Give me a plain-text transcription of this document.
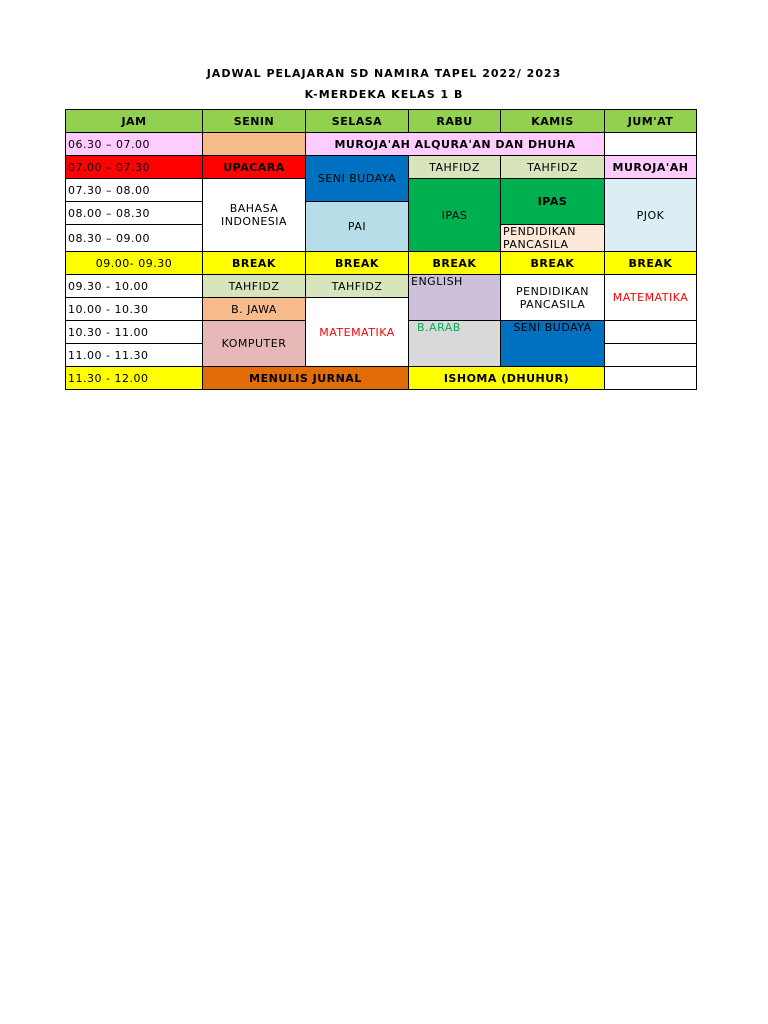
JADWAL PELAJARAN SD NAMIRA TAPEL 2022/ 2023
K-MERDEKA KELAS 1 B
JAM	SENIN	SELASA	RABU	KAMIS	JUM'AT
06.30 – 07.00		MUROJA'AH ALQURA'AN DAN DHUHA			
07.00 – 07.30	UPACARA	SENI BUDAYA	TAHFIDZ	TAHFIDZ	MUROJA'AH
07.30 – 08.00	BAHASA INDONESIA		IPAS	IPAS	PJOK
08.00 – 08.30		PAI			
08.30 – 09.00				PENDIDIKAN PANCASILA	
09.00- 09.30	BREAK	BREAK	BREAK	BREAK	BREAK
09.30 - 10.00	TAHFIDZ	TAHFIDZ	ENGLISH	PENDIDIKAN PANCASILA	MATEMATIKA
10.00 - 10.30	B. JAWA	MATEMATIKA			
10.30 - 11.00	KOMPUTER		B.ARAB	SENI BUDAYA	
11.00 - 11.30					
11.30 - 12.00	MENULIS JURNAL		ISHOMA (DHUHUR)		
